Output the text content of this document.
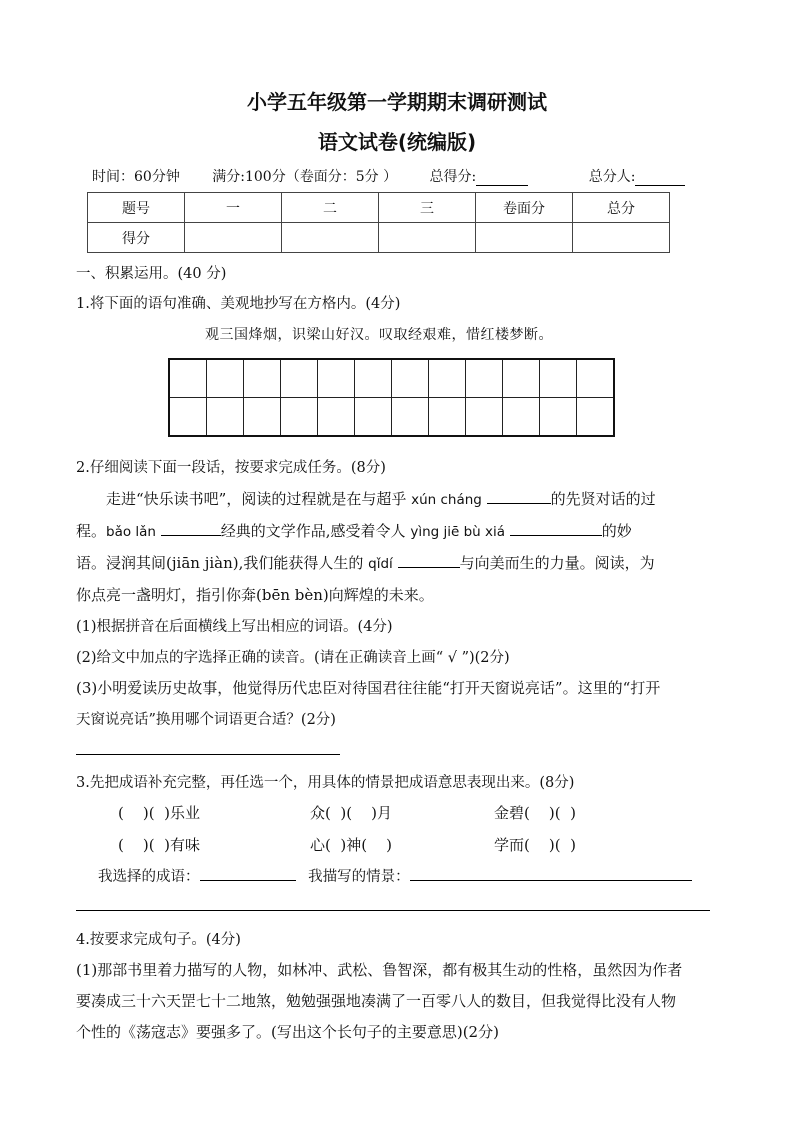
小学五年级第一学期期末调研测试
语文试卷(统编版)
时间：60分钟 满分:100分（卷面分：5分 ） 总得分:	总分人:
题号	一	二	三	卷面分	总分
得分					
一、积累运用。(40 分)
1.将下面的语句准确、美观地抄写在方格内。(4分)
观三国烽烟，识梁山好汉。叹取经艰难，惜红楼梦断。

2.仔细阅读下面一段话，按要求完成任务。(8分)
走进“快乐读书吧”，阅读的过程就是在与超乎 xún cháng	的先贤对话的过
程。bǎo lǎn	经典的文学作品,感受着令人 yìng jiē bù xiá	的妙
语。浸润其间(jiān jiàn),我们能获得人生的 qǐdí	与向美而生的力量。阅读，为
你点亮一盏明灯，指引你奔(bēn bèn)向辉煌的未来。
(1)根据拼音在后面横线上写出相应的词语。(4分)
(2)给文中加点的字选择正确的读音。(请在正确读音上画“ √ ”)(2分)
(3)小明爱读历史故事，他觉得历代忠臣对待国君往往能“打开天窗说亮话”。这里的“打开
天窗说亮话”换用哪个词语更合适？(2分)
3.先把成语补充完整，再任选一个，用具体的情景把成语意思表现出来。(8分)
(    )(  )乐业	众(  )(    )月	金碧(    )(  )
(    )(  )有味	心(  )神(    )	学而(    )(  )
我选择的成语：	我描写的情景：
4.按要求完成句子。(4分)
(1)那部书里着力描写的人物，如林冲、武松、鲁智深，都有极其生动的性格，虽然因为作者
要凑成三十六天罡七十二地煞，勉勉强强地凑满了一百零八人的数目，但我觉得比没有人物
个性的《荡寇志》要强多了。(写出这个长句子的主要意思)(2分)
